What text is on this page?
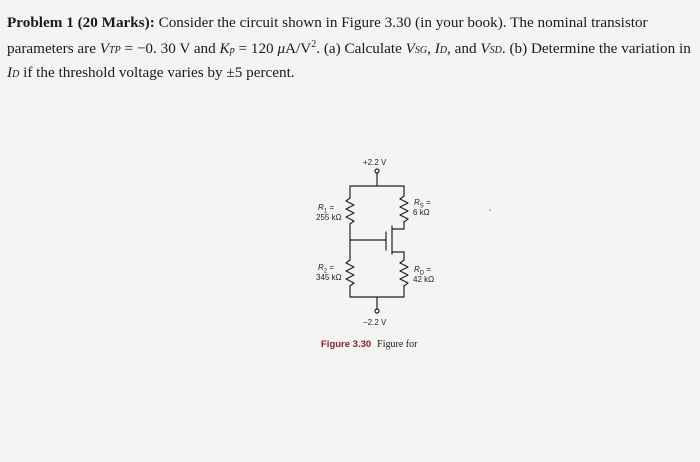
Problem 1 (20 Marks): Consider the circuit shown in Figure 3.30 (in your book). The nominal transistor parameters are VTP = −0. 30 V and Kp = 120 $\mu A/V^2$. (a) Calculate VSG, ID, and VSD. (b) Determine the variation in
ID if the threshold voltage varies by ±5 percent.
+2.2 V
−2.2 V
$R_1$ =
255 kΩ
$R_2$ =
345 kΩ
$R_S$ =
6 kΩ
$R_D$ =
42 kΩ
Figure 3.30 Figure for
